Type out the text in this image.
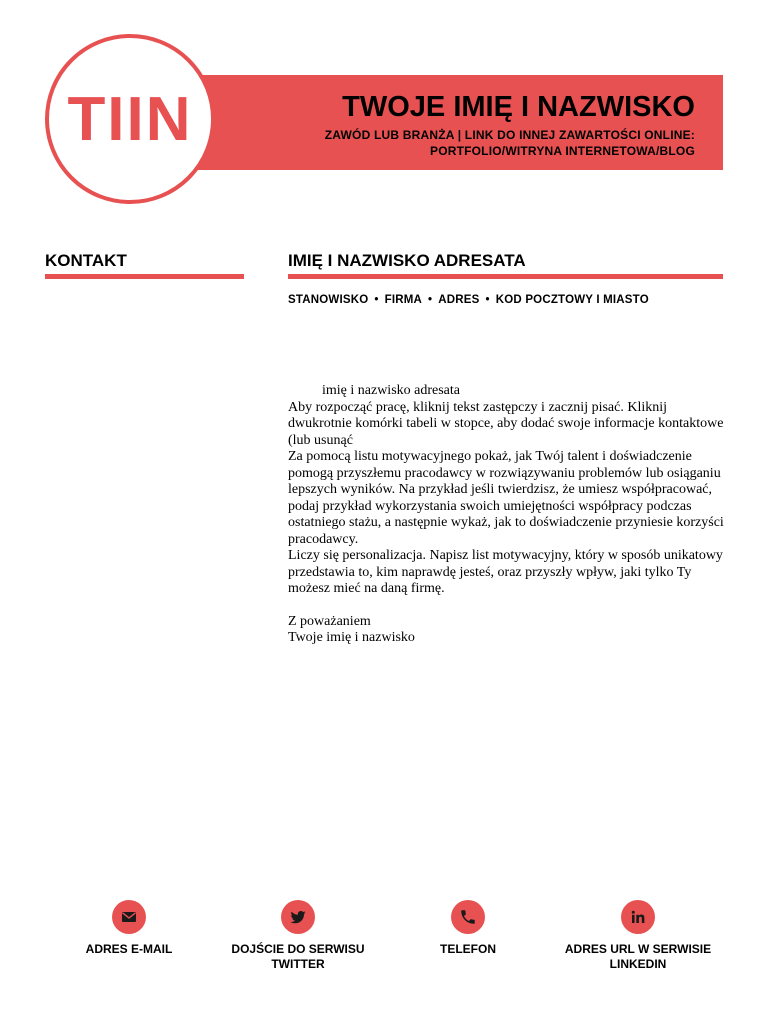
TIIN	TWOJE IMIĘ I NAZWISKO
ZAWÓD LUB BRANŻA | LINK DO INNEJ ZAWARTOŚCI ONLINE: PORTFOLIO/WITRYNA INTERNETOWA/BLOG
KONTAKT	IMIĘ I NAZWISKO ADRESATA
STANOWISKO • FIRMA • ADRES • KOD POCZTOWY I MIASTO

imię i nazwisko adresata

Aby rozpocząć pracę, kliknij tekst zastępczy i zacznij pisać. Kliknij dwukrotnie komórki tabeli w stopce, aby dodać swoje informacje kontaktowe (lub usunąć

Za pomocą listu motywacyjnego pokaż, jak Twój talent i doświadczenie pomogą przyszłemu pracodawcy w rozwiązywaniu problemów lub osiąganiu lepszych wyników. Na przykład jeśli twierdzisz, że umiesz współpracować, podaj przykład wykorzystania swoich umiejętności współpracy podczas ostatniego stażu, a następnie wykaż, jak to doświadczenie przyniesie korzyści pracodawcy.

Liczy się personalizacja. Napisz list motywacyjny, który w sposób unikatowy przedstawia to, kim naprawdę jesteś, oraz przyszły wpływ, jaki tylko Ty możesz mieć na daną firmę.

Z poważaniem

Twoje imię i nazwisko

ADRES E-MAIL	DOJŚCIE DO SERWISU TWITTER
TELEFON	ADRES URL W SERWISIE LINKEDIN
